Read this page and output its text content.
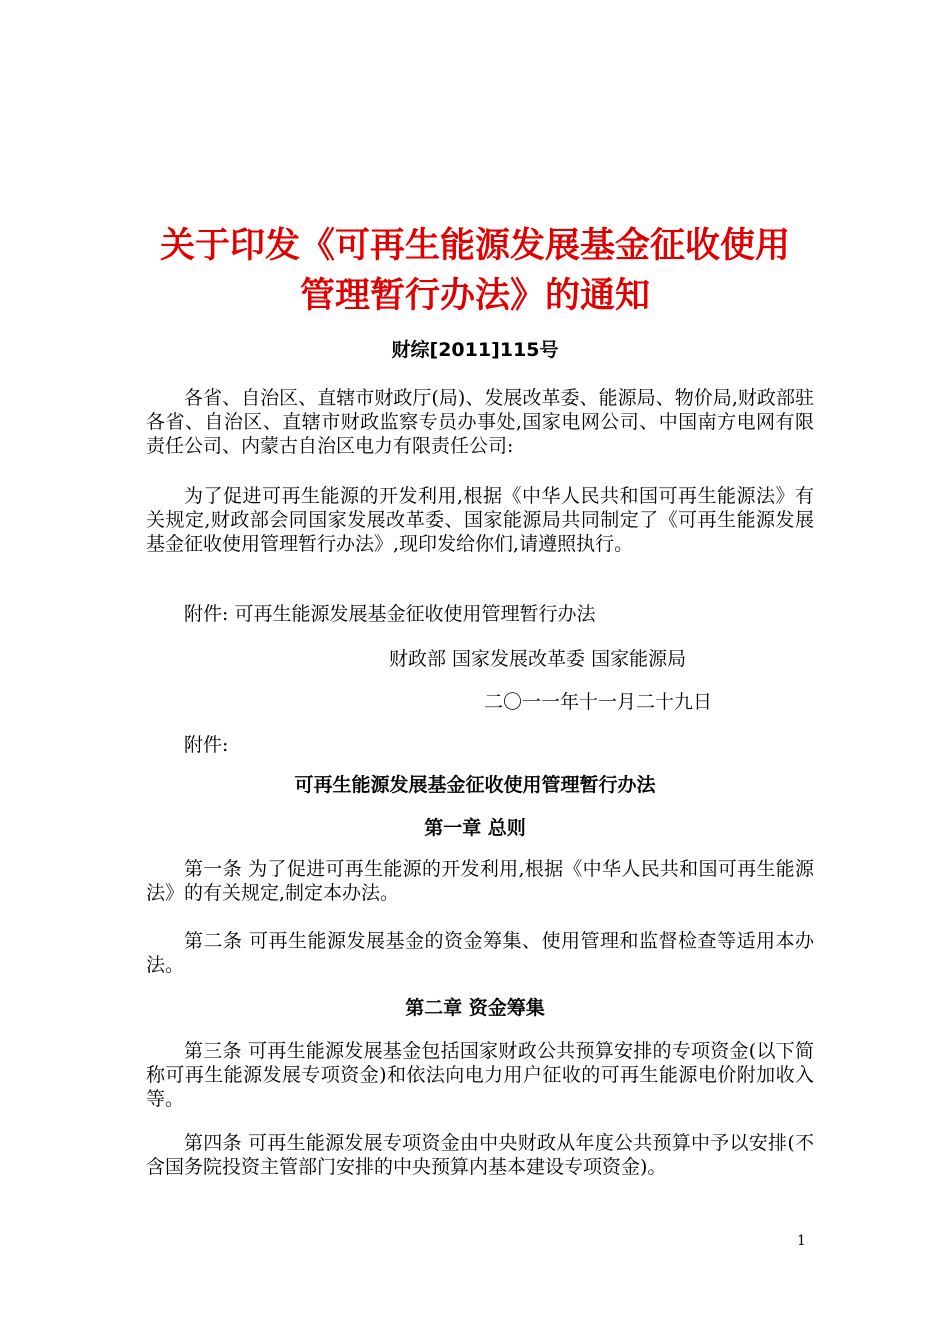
关于印发《可再生能源发展基金征收使用
管理暂行办法》的通知
财综[2011]115号

各省、自治区、直辖市财政厅(局)、发展改革委、能源局、物价局,财政部驻各省、自治区、直辖市财政监察专员办事处,国家电网公司、中国南方电网有限责任公司、内蒙古自治区电力有限责任公司:

为了促进可再生能源的开发利用,根据《中华人民共和国可再生能源法》有关规定,财政部会同国家发展改革委、国家能源局共同制定了《可再生能源发展基金征收使用管理暂行办法》,现印发给你们,请遵照执行。

附件: 可再生能源发展基金征收使用管理暂行办法
财政部 国家发展改革委 国家能源局
二〇一一年十一月二十九日
附件:
可再生能源发展基金征收使用管理暂行办法
第一章 总则

第一条 为了促进可再生能源的开发利用,根据《中华人民共和国可再生能源法》的有关规定,制定本办法。

第二条 可再生能源发展基金的资金筹集、使用管理和监督检查等适用本办法。

第二章 资金筹集

第三条 可再生能源发展基金包括国家财政公共预算安排的专项资金(以下简称可再生能源发展专项资金)和依法向电力用户征收的可再生能源电价附加收入等。

第四条 可再生能源发展专项资金由中央财政从年度公共预算中予以安排(不含国务院投资主管部门安排的中央预算内基本建设专项资金)。

1
